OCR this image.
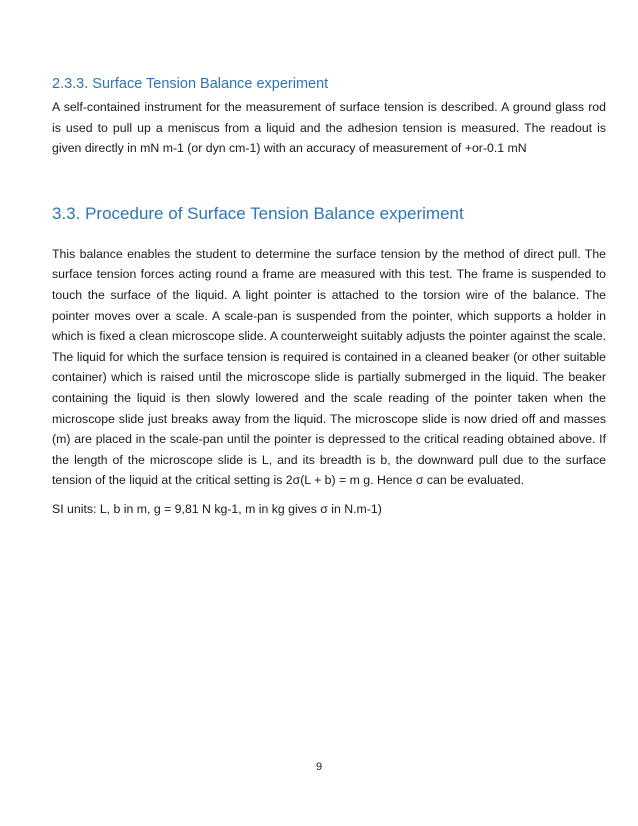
2.3.3. Surface Tension Balance experiment

A self-contained instrument for the measurement of surface tension is described. A ground glass rod is used to pull up a meniscus from a liquid and the adhesion tension is measured. The readout is given directly in mN m-1 (or dyn cm-1) with an accuracy of measurement of +or-0.1 mN

3.3. Procedure of Surface Tension Balance experiment

This balance enables the student to determine the surface tension by the method of direct pull. The surface tension forces acting round a frame are measured with this test. The frame is suspended to touch the surface of the liquid. A light pointer is attached to the torsion wire of the balance. The pointer moves over a scale. A scale-pan is suspended from the pointer, which supports a holder in which is fixed a clean microscope slide. A counterweight suitably adjusts the pointer against the scale. The liquid for which the surface tension is required is contained in a cleaned beaker (or other suitable container) which is raised until the microscope slide is partially submerged in the liquid. The beaker containing the liquid is then slowly lowered and the scale reading of the pointer taken when the microscope slide just breaks away from the liquid. The microscope slide is now dried off and masses (m) are placed in the scale-pan until the pointer is depressed to the critical reading obtained above. If the length of the microscope slide is L, and its breadth is b, the downward pull due to the surface tension of the liquid at the critical setting is 2σ(L + b) = m g. Hence σ can be evaluated.

SI units: L, b in m, g = 9,81 N kg-1, m in kg gives σ in N.m-1)

9
